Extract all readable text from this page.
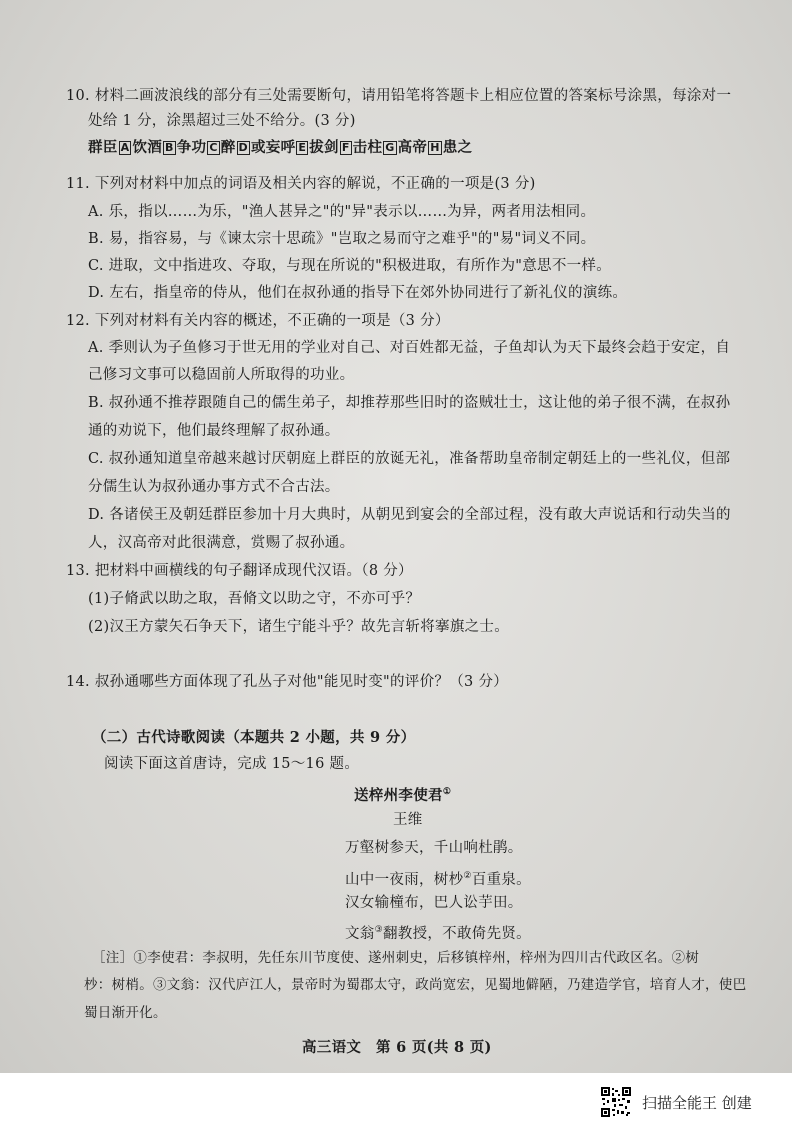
10. 材料二画波浪线的部分有三处需要断句，请用铅笔将答题卡上相应位置的答案标号涂黑，每涂对一
处给 1 分，涂黑超过三处不给分。(3 分)
群臣 A 饮酒 B 争功 C 醉 D 或妄呼 E 拔剑 F 击柱 G 高帝 H 患之
11. 下列对材料中加点的词语及相关内容的解说，不正确的一项是(3 分)
A. 乐，指以……为乐，"渔人甚异之"的"异"表示以……为异，两者用法相同。
B. 易，指容易，与《谏太宗十思疏》"岂取之易而守之难乎"的"易"词义不同。
C. 进取，文中指进攻、夺取，与现在所说的"积极进取，有所作为"意思不一样。
D. 左右，指皇帝的侍从，他们在叔孙通的指导下在郊外协同进行了新礼仪的演练。
12. 下列对材料有关内容的概述，不正确的一项是（3 分）
A. 季则认为子鱼修习于世无用的学业对自己、对百姓都无益，子鱼却认为天下最终会趋于安定，自
己修习文事可以稳固前人所取得的功业。
B. 叔孙通不推荐跟随自己的儒生弟子，却推荐那些旧时的盗贼壮士，这让他的弟子很不满，在叔孙
通的劝说下，他们最终理解了叔孙通。
C. 叔孙通知道皇帝越来越讨厌朝庭上群臣的放诞无礼，准备帮助皇帝制定朝廷上的一些礼仪，但部
分儒生认为叔孙通办事方式不合古法。
D. 各诸侯王及朝廷群臣参加十月大典时，从朝见到宴会的全部过程，没有敢大声说话和行动失当的
人，汉高帝对此很满意，赏赐了叔孙通。
13. 把材料中画横线的句子翻译成现代汉语。（8 分）
(1)子脩武以助之取，吾脩文以助之守，不亦可乎？
(2)汉王方蒙矢石争天下，诸生宁能斗乎？故先言斩将搴旗之士。
14. 叔孙通哪些方面体现了孔丛子对他"能见时变"的评价？（3 分）
（二）古代诗歌阅读（本题共 2 小题，共 9 分）
阅读下面这首唐诗，完成 15～16 题。
送梓州李使君①
王维
万壑树参天，千山响杜鹃。
山中一夜雨，树杪②百重泉。
汉女输橦布，巴人讼芋田。
文翁③翻教授，不敢倚先贤。
［注］①李使君：李叔明，先任东川节度使、遂州刺史，后移镇梓州，梓州为四川古代政区名。②树
杪：树梢。③文翁：汉代庐江人，景帝时为蜀郡太守，政尚宽宏，见蜀地僻陋，乃建造学官，培育人才，使巴
蜀日渐开化。
高三语文　第 6 页(共 8 页)
扫描全能王 创建
